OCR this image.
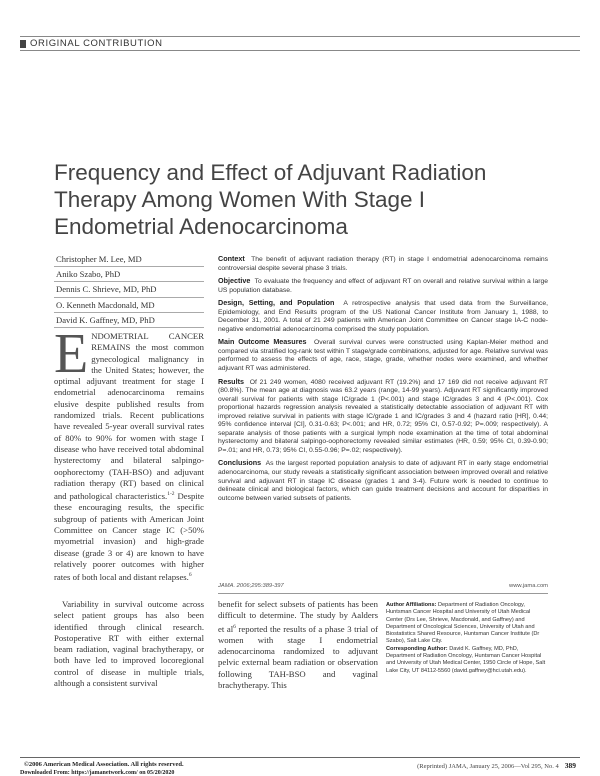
ORIGINAL CONTRIBUTION
Frequency and Effect of Adjuvant Radiation Therapy Among Women With Stage I Endometrial Adenocarcinoma
Christopher M. Lee, MD
Aniko Szabo, PhD
Dennis C. Shrieve, MD, PhD
O. Kenneth Macdonald, MD
David K. Gaffney, MD, PhD
ENDOMETRIAL CANCER REMAINS the most common gynecological malignancy in the United States; however, the optimal adjuvant treatment for stage I endometrial adenocarcinoma remains elusive despite published results from randomized trials. Recent publications have revealed 5-year overall survival rates of 80% to 90% for women with stage I disease who have received total abdominal hysterectomy and bilateral salpingo-oophorectomy (TAH-BSO) and adjuvant radiation therapy (RT) based on clinical and pathological characteristics.$^{1-2}$ Despite these encouraging results, the specific subgroup of patients with American Joint Committee on Cancer stage IC (>50% myometrial invasion) and high-grade disease (grade 3 or 4) are known to have relatively poorer outcomes with higher rates of both local and distant relapses.$^6$

Variability in survival outcome across select patient groups has also been identified through clinical research. Postoperative RT with either external beam radiation, vaginal brachytherapy, or both have led to improved locoregional control of disease in multiple trials, although a consistent survival

benefit for select subsets of patients has been difficult to determine. The study by Aalders et $al^6$ reported the results of a phase 3 trial of women with stage I endometrial adenocarcinoma randomized to adjuvant pelvic external beam radiation or observation following TAH-BSO and vaginal brachytherapy. This

Context The benefit of adjuvant radiation therapy (RT) in stage I endometrial adenocarcinoma remains controversial despite several phase 3 trials.

Objective To evaluate the frequency and effect of adjuvant RT on overall and relative survival within a large US population database.

Design, Setting, and Population A retrospective analysis that used data from the Surveillance, Epidemiology, and End Results program of the US National Cancer Institute from January 1, 1988, to December 31, 2001. A total of 21 249 patients with American Joint Committee on Cancer stage IA-C node-negative endometrial adenocarcinoma comprised the study population.

Main Outcome Measures Overall survival curves were constructed using Kaplan-Meier method and compared via stratified log-rank test within T stage/grade combinations, adjusted for age. Relative survival was performed to assess the effects of age, race, stage, grade, whether nodes were examined, and whether adjuvant RT was administered.

Results Of 21 249 women, 4080 received adjuvant RT (19.2%) and 17 169 did not receive adjuvant RT (80.8%). The mean age at diagnosis was 63.2 years (range, 14-99 years). Adjuvant RT significantly improved overall survival for patients with stage IC/grade 1 (P<.001) and stage IC/grades 3 and 4 (P<.001). Cox proportional hazards regression analysis revealed a statistically detectable association of adjuvant RT with improved relative survival in patients with stage IC/grade 1 and IC/grades 3 and 4 (hazard ratio [HR], 0.44; 95% confidence interval [CI], 0.31-0.63; P<.001; and HR, 0.72; 95% CI, 0.57-0.92; P=.009; respectively). A separate analysis of those patients with a surgical lymph node examination at the time of total abdominal hysterectomy and bilateral salpingo-oophorectomy revealed similar estimates (HR, 0.59; 95% CI, 0.39-0.90; P=.01; and HR, 0.73; 95% CI, 0.55-0.96; P=.02; respectively).

Conclusions As the largest reported population analysis to date of adjuvant RT in early stage endometrial adenocarcinoma, our study reveals a statistically significant association between improved overall and relative survival and adjuvant RT in stage IC disease (grades 1 and 3-4). Future work is needed to continue to delineate clinical and biological factors, which can guide treatment decisions and account for disparities in outcome between varied subsets of patients.

JAMA. 2006;295:389-397	www.jama.com
Author Affiliations: Department of Radiation Oncology, Huntsman Cancer Hospital and University of Utah Medical Center (Drs Lee, Shrieve, Macdonald, and Gaffney) and Department of Oncological Sciences, University of Utah and Biostatistics Shared Resource, Huntsman Cancer Institute (Dr Szabo), Salt Lake City.
Corresponding Author: David K. Gaffney, MD, PhD, Department of Radiation Oncology, Huntsman Cancer Hospital and University of Utah Medical Center, 1950 Circle of Hope, Salt Lake City, UT 84112-5560 (david.gaffney@hci.utah.edu).
©2006 American Medical Association. All rights reserved.	(Reprinted) JAMA, January 25, 2006—Vol 295, No. 4 389
Downloaded From: https://jamanetwork.com/ on 05/20/2020
